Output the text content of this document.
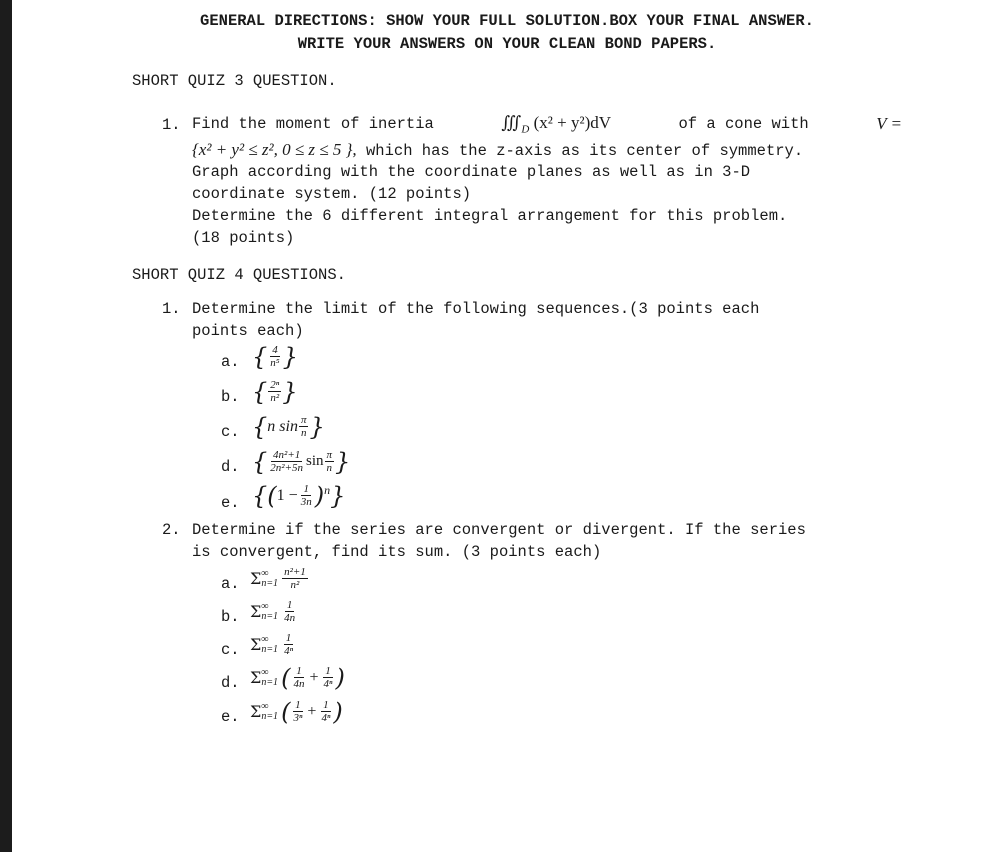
GENERAL DIRECTIONS: SHOW YOUR FULL SOLUTION.BOX YOUR FINAL ANSWER.
WRITE YOUR ANSWERS ON YOUR CLEAN BOND PAPERS.
SHORT QUIZ 3 QUESTION.
1. Find the moment of inertia	$∭_D$ (x² + y²)dV	of a cone with	V =
{x² + y² ≤ z², 0 ≤ z ≤ 5 }, which has the z-axis as its center of symmetry.
Graph according with the coordinate planes as well as in 3-D
coordinate system. (12 points)
Determine the 6 different integral arrangement for this problem.
(18 points)
SHORT QUIZ 4 QUESTIONS.
1. Determine the limit of the following sequences.(3 points each
points each)
a. { $\frac{4}{\text{n⁵}}$ }
b. { $\frac{\text{2ⁿ}}{\text{n²}}$ }
c. { n $\sin \frac{\pi}{n}$ }
d. { $\frac{\text{4n²+1}}{\text{2n²+5n}}$ $\sin \frac{\pi}{n}$ }
e. { ( $1 - \frac{1}{3n} )^n$ }
2. Determine if the series are convergent or divergent. If the series
is convergent, find its sum. (3 points each)
a. Σ ∞
$n=1 \frac{\text{n²+1}}{\text{n²}}$
b. Σ ∞
$n=1 \frac{1}{4n}$
c. Σ ∞
$n=1 \frac{1}{\text{4ⁿ}}$
d. Σ ∞
n=1 ( $\frac{1}{4n} + \frac{1}{\text{4ⁿ}}$ )
e. Σ ∞
n=1 ( $\frac{1}{\text{3ⁿ}} + \frac{1}{\text{4ⁿ}}$ )
